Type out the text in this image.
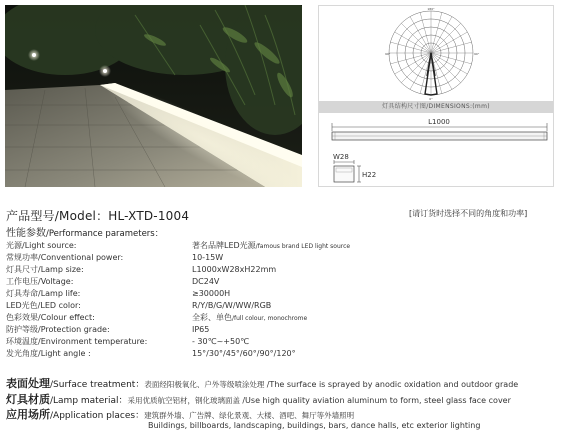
180°
0°
90°	90°
灯具结构尺寸图/DIMENSIONS:(mm)
L1000
W28
H22
产品型号/Model：HL-XTD-1004	[请订货时选择不同的角度和功率]
性能参数/Performance parameters：
光源/Light source:	著名品牌LED光源/famous brand LED light source
常规功率/Conventional power:	10-15W
灯具尺寸/Lamp size:	L1000xW28xH22mm
工作电压/Voltage:	DC24V
灯具寿命/Lamp life:	≥30000H
LED光色/LED color:	R/Y/B/G/W/WW/RGB
色彩效果/Colour effect:	全彩、单色/full colour, monochrome
防护等级/Protection grade:	IP65
环境温度/Environment temperature:	- 30℃~+50℃
发光角度/Light angle :	15°/30°/45°/60°/90°/120°
表面处理/Surface treatment：表面经阳极氧化、户外等级喷涂处理 /The surface is sprayed by anodic oxidation and outdoor grade
灯具材质/Lamp material：采用优质航空铝材，钢化玻璃面盖 /Use high quality aviation aluminum to form, steel glass face cover
应用场所/Application places：建筑群外墙、广告牌、绿化景观、大楼、酒吧、舞厅等外墙照明
Buildings, billboards, landscaping, buildings, bars, dance halls, etc exterior lighting
